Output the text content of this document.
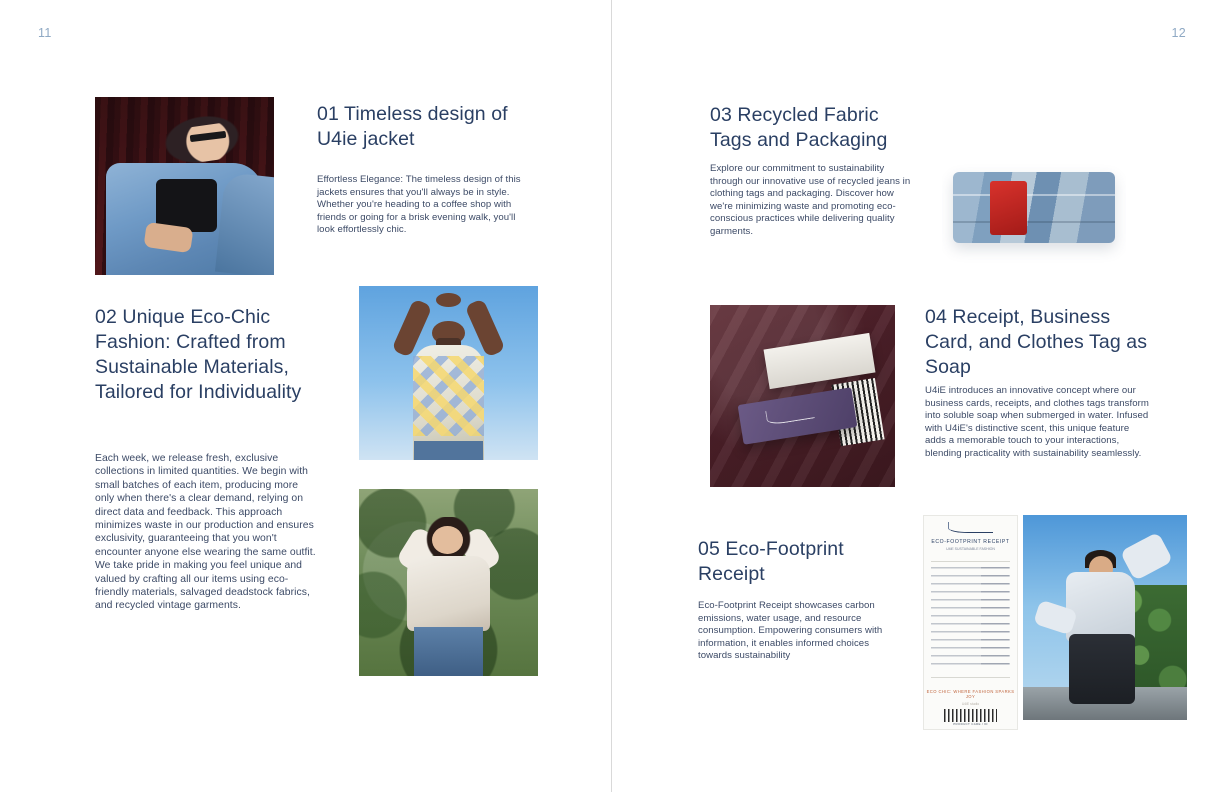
11
01 Timeless design of U4ie jacket

Effortless Elegance: The timeless design of this jackets ensures that you'll always be in style. Whether you're heading to a coffee shop with friends or going for a brisk evening walk, you'll look effortlessly chic.

02 Unique Eco-Chic Fashion: Crafted from Sustainable Materials, Tailored for Individuality

Each week, we release fresh, exclusive collections in limited quantities. We begin with small batches of each item, producing more only when there's a clear demand, relying on direct data and feedback. This approach minimizes waste in our production and ensures exclusivity, guaranteeing that you won't encounter anyone else wearing the same outfit. We take pride in making you feel unique and valued by crafting all our items using eco-friendly materials, salvaged deadstock fabrics, and recycled vintage garments.

12
03 Recycled Fabric Tags and Packaging

Explore our commitment to sustainability through our innovative use of recycled jeans in clothing tags and packaging. Discover how we're minimizing waste and promoting eco-conscious practices while delivering quality garments.

04 Receipt, Business Card, and Clothes Tag as Soap

U4iE introduces an innovative concept where our business cards, receipts, and clothes tags transform into soluble soap when submerged in water. Infused with U4iE's distinctive scent, this unique feature adds a memorable touch to your interactions, blending practicality with sustainability seamlessly.

05 Eco-Footprint Receipt

Eco-Footprint Receipt showcases carbon emissions, water usage, and resource consumption. Empowering consumers with information, it enables informed choices towards sustainability

ECO-FOOTPRINT RECEIPT
U4iE SUSTAINABLE FASHION
ECO CHIC: WHERE FASHION SPARKS JOY
U4iE studio
PRODUCT CARE / ID
